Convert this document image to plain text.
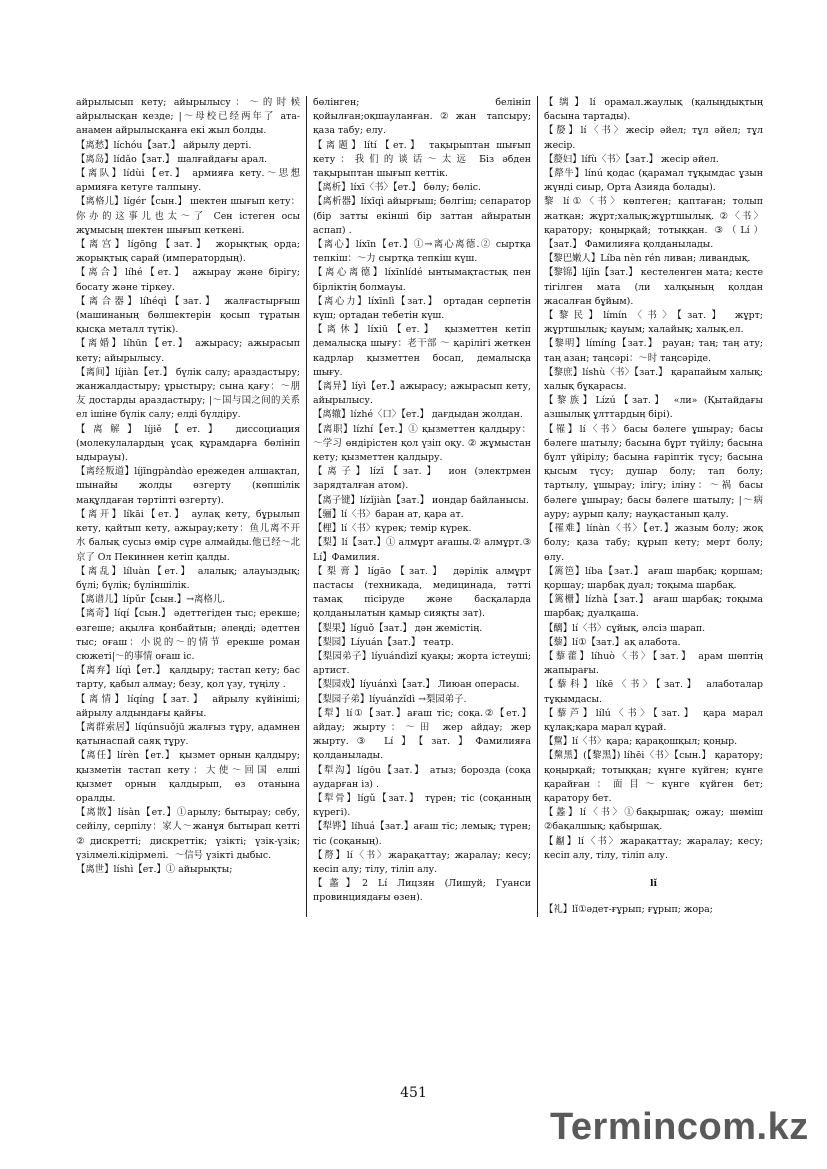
айрылысып кету; айырылысу：～的时候 айрылысқан кезде; |～母校已经两年了 ата-анамен айрылысқанға екі жыл болды.

【离愁】líchóu【зат.】 айрылу дерті.

【离岛】lídǎo【зат.】 шалғайдағы арал.

【离队】lídùi【ет.】 армияға кету.～思想 армияға кетуге талпыну.

【离格儿】lígér【сын.】 шектен шығып кету：你办的这事儿也太～了 Сен істеген осы жұмысың шектен шығып кеткені.

【离宫】lígōng【зат.】 жорықтық орда; жорықтық сарай (императордың).

【离合】líhé【ет.】 ажырау және бірігу; босату және тіркеу.

【离合器】líhéqì【зат.】 жалғастырғыш (машинаның бөлшектерін қосып тұратын қысқа металл түтік).

【离婚】líhūn【ет.】 ажырасу; ажырасып кету; айырылысу.

【离间】líjiàn【ет.】 бүлік салу; араздастыру; жанжалдастыру; ұрыстыру; сына қағу：～朋友 достарды араздастыру; |～国与国之间的关系 ел ішіне бүлік салу; елді бүлдіру.

【离解】líjiě【ет.】 диссоциация (молекулалардың ұсақ құрамдарға бөлініп ыдырауы).

【离经叛道】líjīngpàndào ережеден алшақтап, шынайы жолды өзгерту (көпшілік мақұлдаған тәртіпті өзгерту).

【离开】líkāi【ет.】 аулақ кету, бұрылып кету, қайтып кету, ажырау;кету：鱼儿离不开水 балық сусыз өмір сүре алмайды.他已经～北京了 Ол Пекиннен кетіп қалды.

【离乱】líluàn【ет.】 алалық; алауыздық; бүлі; бүлік; бүліншілік.

【离谱儿】lípǔr【сын.】→离格儿.

【离奇】líqí【сын.】 әдеттегіден тыс; ерекше; өзгеше; ақылға қонбайтын; әлеңді; әдеттен тыс; оғаш：小说的～的情节 ерекше роман сюжеті|～的事情 оғаш іс.

【离弃】líqì【ет.】 қалдыру; тастап кету; бас тарту, қабыл алмау; безу, қол үзу, түңілу .

【离情】líqíng【зат.】 айрылу күйінішi; айрылу алдындағы қайғы.

【离群索居】líqúnsuǒjū жалғыз тұру, адамнен қатынаспай саяқ тұру.

【离任】lírèn【ет.】 қызмет орнын қалдыру; қызметін тастап кету：大使～回国 елші қызмет орнын қалдырып, өз отанына оралды.

【离散】lísàn【ет.】①арылу; бытырау; себу, сейілу, серпілу：家人～жанұя бытырап кетті ②дискретті; дискреттік; үзікті; үзік-үзік; үзілмелі.кідірмелі．～信号 үзікті дыбыс.

【离世】líshì【ет.】① айырықты;

бөлінген; белініп қойылған;оқшауланған.②жан тапсыру; қаза табу; елу.

【离题】lítí【ет.】 тақырыптан шығып кету：我们的谈话～太远 Біз әбден тақырыптан шығып кеттік.

【离析】líxī〈书〉【ет.】 бөлу; бөліс.

【离析器】líxīqì айырғыш; бөлгіш; сепаратор (бір затты екінші бір заттан айыратын аспап) .

【离心】líxīn【ет.】①→离心离德.② сыртқа тепкіш：～力 сыртқа тепкіш күш.

【离心离德】líxīnlídé ынтымақтастық пен бірліктің болмауы.

【离心力】líxīnlì【зат.】 ортадан серпетін күш; ортадан тебетін күш.

【离休】líxiū【ет.】 қызметтен кетіп демалысқа шығу：老干部 ～ қарілігі жеткен кадрлар қызметтен босап, демалысқа шығу.

【离异】líyì【ет.】ажырасу; ажырасып кету, айырылысу.

【离辙】lízhé〈口〉【ет.】 дағдыдан жолдан.

【离职】lízhí【ет.】① қызметтен қалдыру：～学习 өндірістен қол үзіп оқу. ② жұмыстан кету; қызметтен қалдыру.

【离子】lízǐ【зат.】 ион (электрмен зарядталған атом).

【离子键】lízǐjiàn【зат.】 иондар байланысы.

【骊】lí〈书〉баран ат, қара ат.

【梩】lí〈书〉күрек; темір күрек.

【梨】lí【зат.】① алмұрт ағашы.② алмұрт.③ Lí】Фамилия.

【梨膏】lígāo【зат.】 дәрілік алмұрт пастасы (техникада, медицинада, тәтті тамақ пісіруде және басқаларда қолданылатын қамыр сияқты зат).

【梨果】líguǒ【зат.】 дән жемістің.

【梨园】Líyuán【зат.】 театр.

【梨园弟子】líyuándìzǐ қуақы; жорта істеуші; артист.

【梨园戏】líyuánxì【зат.】 Лиюан операсы.

【梨园子弟】líyuánzǐdì →梨园弟子.

【犁】lí①【зат.】ағаш тіс; соқа.②【ет.】айдау; жырту：～田 жер айдау; жер жырту.③ Lí】【зат.】Фамилияға қолданылады.

【犁沟】lígōu【зат.】 атыз; борозда (соқа аударған із) .

【犁骨】lígǔ【зат.】 түрен; тіс (соқанның күрегі).

【犁铧】líhuá【зат.】ағаш тіс; лемық; түрен; тіс (соқаның).

【剺】lí〈书〉жарақаттау; жаралау; кесу; кесіп алу; тілу, тіліп алу.

【蠡】2 Lí Лицзян (Лишуй; Гуанси провинциядағы өзен).

【缡】lí орамал.жаулық (қалыңдықтың басына тартады).

【嫠】lí〈书〉жесір әйел; тұл әйел; тұл жесір.

【嫠妇】lífù〈书〉【зат.】 жесір әйел.

【犛牛】línú қодас (қарамал тұқымдас ұзын жүнді сиыр, Орта Азияда болады).

黎 lí①〈书〉көптеген; қаптаған; толып жатқан; жұрт;халық;жұртшылық. ②〈书〉қаратору; қоңырқай; тотыққан. ③（Lí）【зат.】 Фамилияға қолданылады.

【黎巴嫩人】Líba nèn rén ливан; ливандық.

【黎锦】líjǐn【зат.】 кестеленген мата; кесте тігілген мата (ли халқының қолдан жасалған бұйым).

【黎民】límín〈书〉【зат.】 жұрт; жұртшылық; қауым; халайық; халық.ел.

【黎明】límíng【зат.】 рауан; таң; таң ату; таң азан; таңсәрі：～时 таңсәріде.

【黎庶】líshù〈书〉【зат.】 қарапайым халық; халық бұқарасы.

【黎族】Lízú【зат.】 «ли» (Қытайдағы азшылық ұлттардың бірі).

【罹】lí〈书〉басы бәлеге ұшырау; басы бәлеге шатылу; басына бұрт түйілу; басына бұлт үйірілу; басына ғаріптік түсу; басына қысым түсу; душар болу; тап болу; тартылу, ұшырау; ілігу; іліну：～祸 басы бәлеге ұшырау; басы бәлеге шатылу; |～病 ауру; аурып қалу; науқастанып қалу.

【罹难】línàn〈书〉【ет.】жазым болу; жоқ болу; қаза табу; құрып кету; мерт болу; өлу.

【篱笆】líba【зат.】 ағаш шарбақ; қоршам; қоршау; шарбақ дуал; тоқыма шарбақ.

【篱栅】lízhà【зат.】 ағаш шарбақ; тоқыма шарбақ; дуалқаша.

【醨】lí〈书〉сұйық, әлсіз шарап.

【藜】lí①【зат.】ақ алабота.

【藜藿】líhuò〈书〉【зат.】 арам шөптің жапырағы.

【藜科】líkē〈书〉【зат.】 алаботалар тұқымдасы.

【藜芦】lílú〈书〉【зат.】 қара марал құлақ;қара марал құрай.

【黧】lí〈书〉қара; қарақошқыл; қоңыр.

【黧黑】(【黎黑】) líhēi〈书〉【сын.】 қаратору; қоңырқай; тотыққан; күнге күйген; күнге қарайған：面目～күнге күйген бет; қаратору бет.

【蠡】lí〈书〉①бақыршақ; ожау; шөміш ②бақалшық; қабыршақ.

【劙】lí〈书〉жарақаттау; жаралау; кесу; кесіп алу, тілу, тіліп алу.

lǐ

【礼】lǐ①әдет-ғұрып; ғұрып; жора;

451
Termincom.kz
